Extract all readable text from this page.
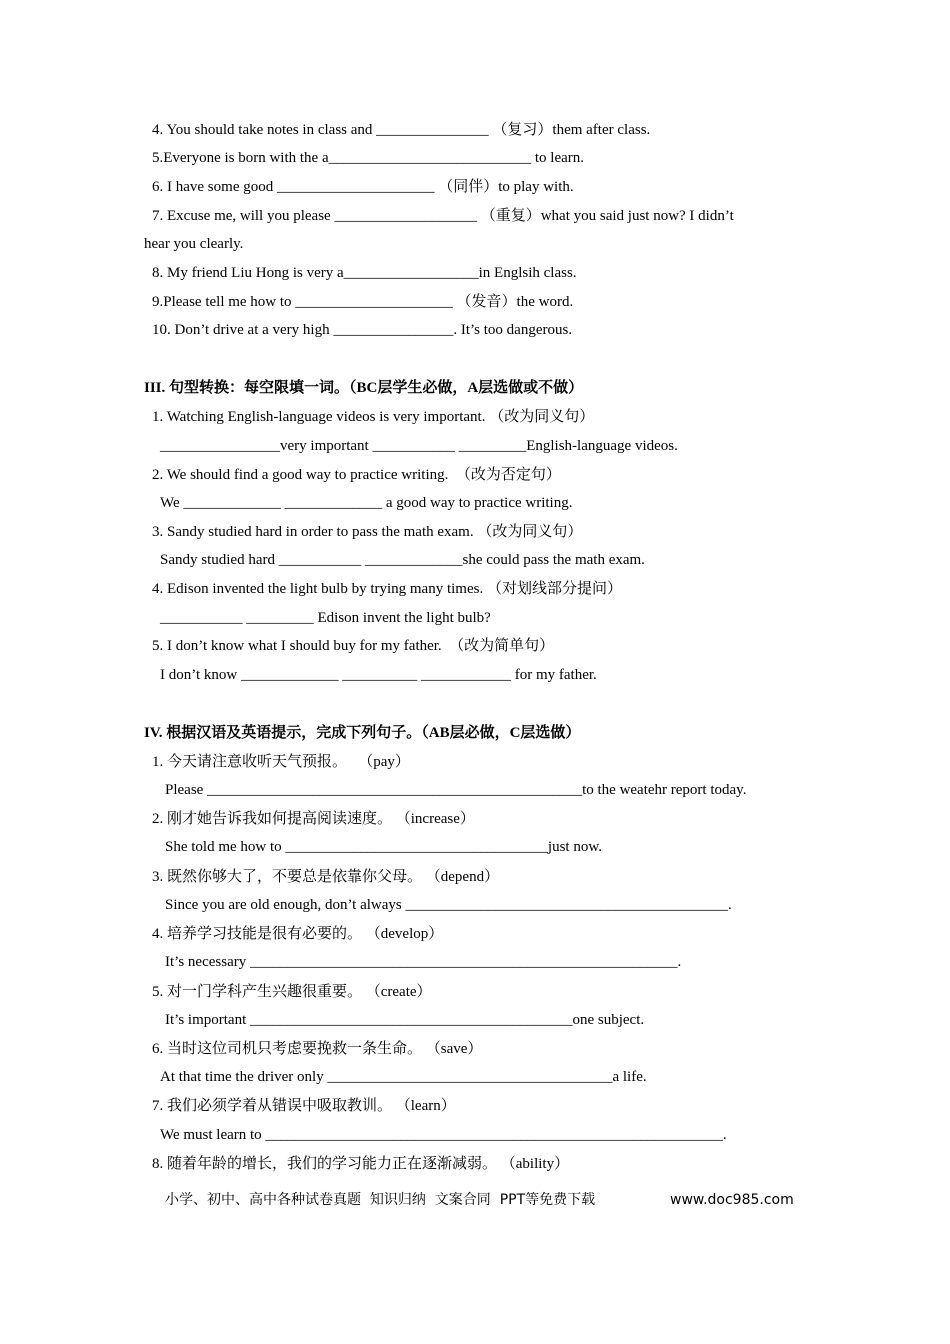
4. You should take notes in class and _______________ （复习）them after class.
5.Everyone is born with the a___________________________ to learn.
6. I have some good _____________________ （同伴）to play with.
7. Excuse me, will you please ___________________ （重复）what you said just now? I didn’t
hear you clearly.
8. My friend Liu Hong is very a__________________in Englsih class.
9.Please tell me how to _____________________ （发音）the word.
10. Don’t drive at a very high ________________. It’s too dangerous.
III. 句型转换：每空限填一词。（BC层学生必做，A层选做或不做）
1. Watching English-language videos is very important. （改为同义句）
________________very important ___________ _________English-language videos.
2. We should find a good way to practice writing.  （改为否定句）
We _____________ _____________ a good way to practice writing.
3. Sandy studied hard in order to pass the math exam. （改为同义句）
Sandy studied hard ___________ _____________she could pass the math exam.
4. Edison invented the light bulb by trying many times. （对划线部分提问）
___________ _________ Edison invent the light bulb?
5. I don’t know what I should buy for my father.  （改为简单句）
I don’t know _____________ __________ ____________ for my father.
IV. 根据汉语及英语提示，完成下列句子。（AB层必做，C层选做）
1. 今天请注意收听天气预报。   （pay）
Please __________________________________________________to the weatehr report today.
2. 刚才她告诉我如何提高阅读速度。 （increase）
She told me how to ___________________________________just now.
3. 既然你够大了，不要总是依靠你父母。 （depend）
Since you are old enough, don’t always ___________________________________________.
4. 培养学习技能是很有必要的。 （develop）
It’s necessary _________________________________________________________.
5. 对一门学科产生兴趣很重要。 （create）
It’s important ___________________________________________one subject.
6. 当时这位司机只考虑要挽救一条生命。 （save）
At that time the driver only ______________________________________a life.
7. 我们必须学着从错误中吸取教训。 （learn）
We must learn to _____________________________________________________________.
8. 随着年龄的增长，我们的学习能力正在逐渐减弱。 （ability）
小学、初中、高中各种试卷真题  知识归纳  文案合同  PPT等免费下载	www.doc985.com
